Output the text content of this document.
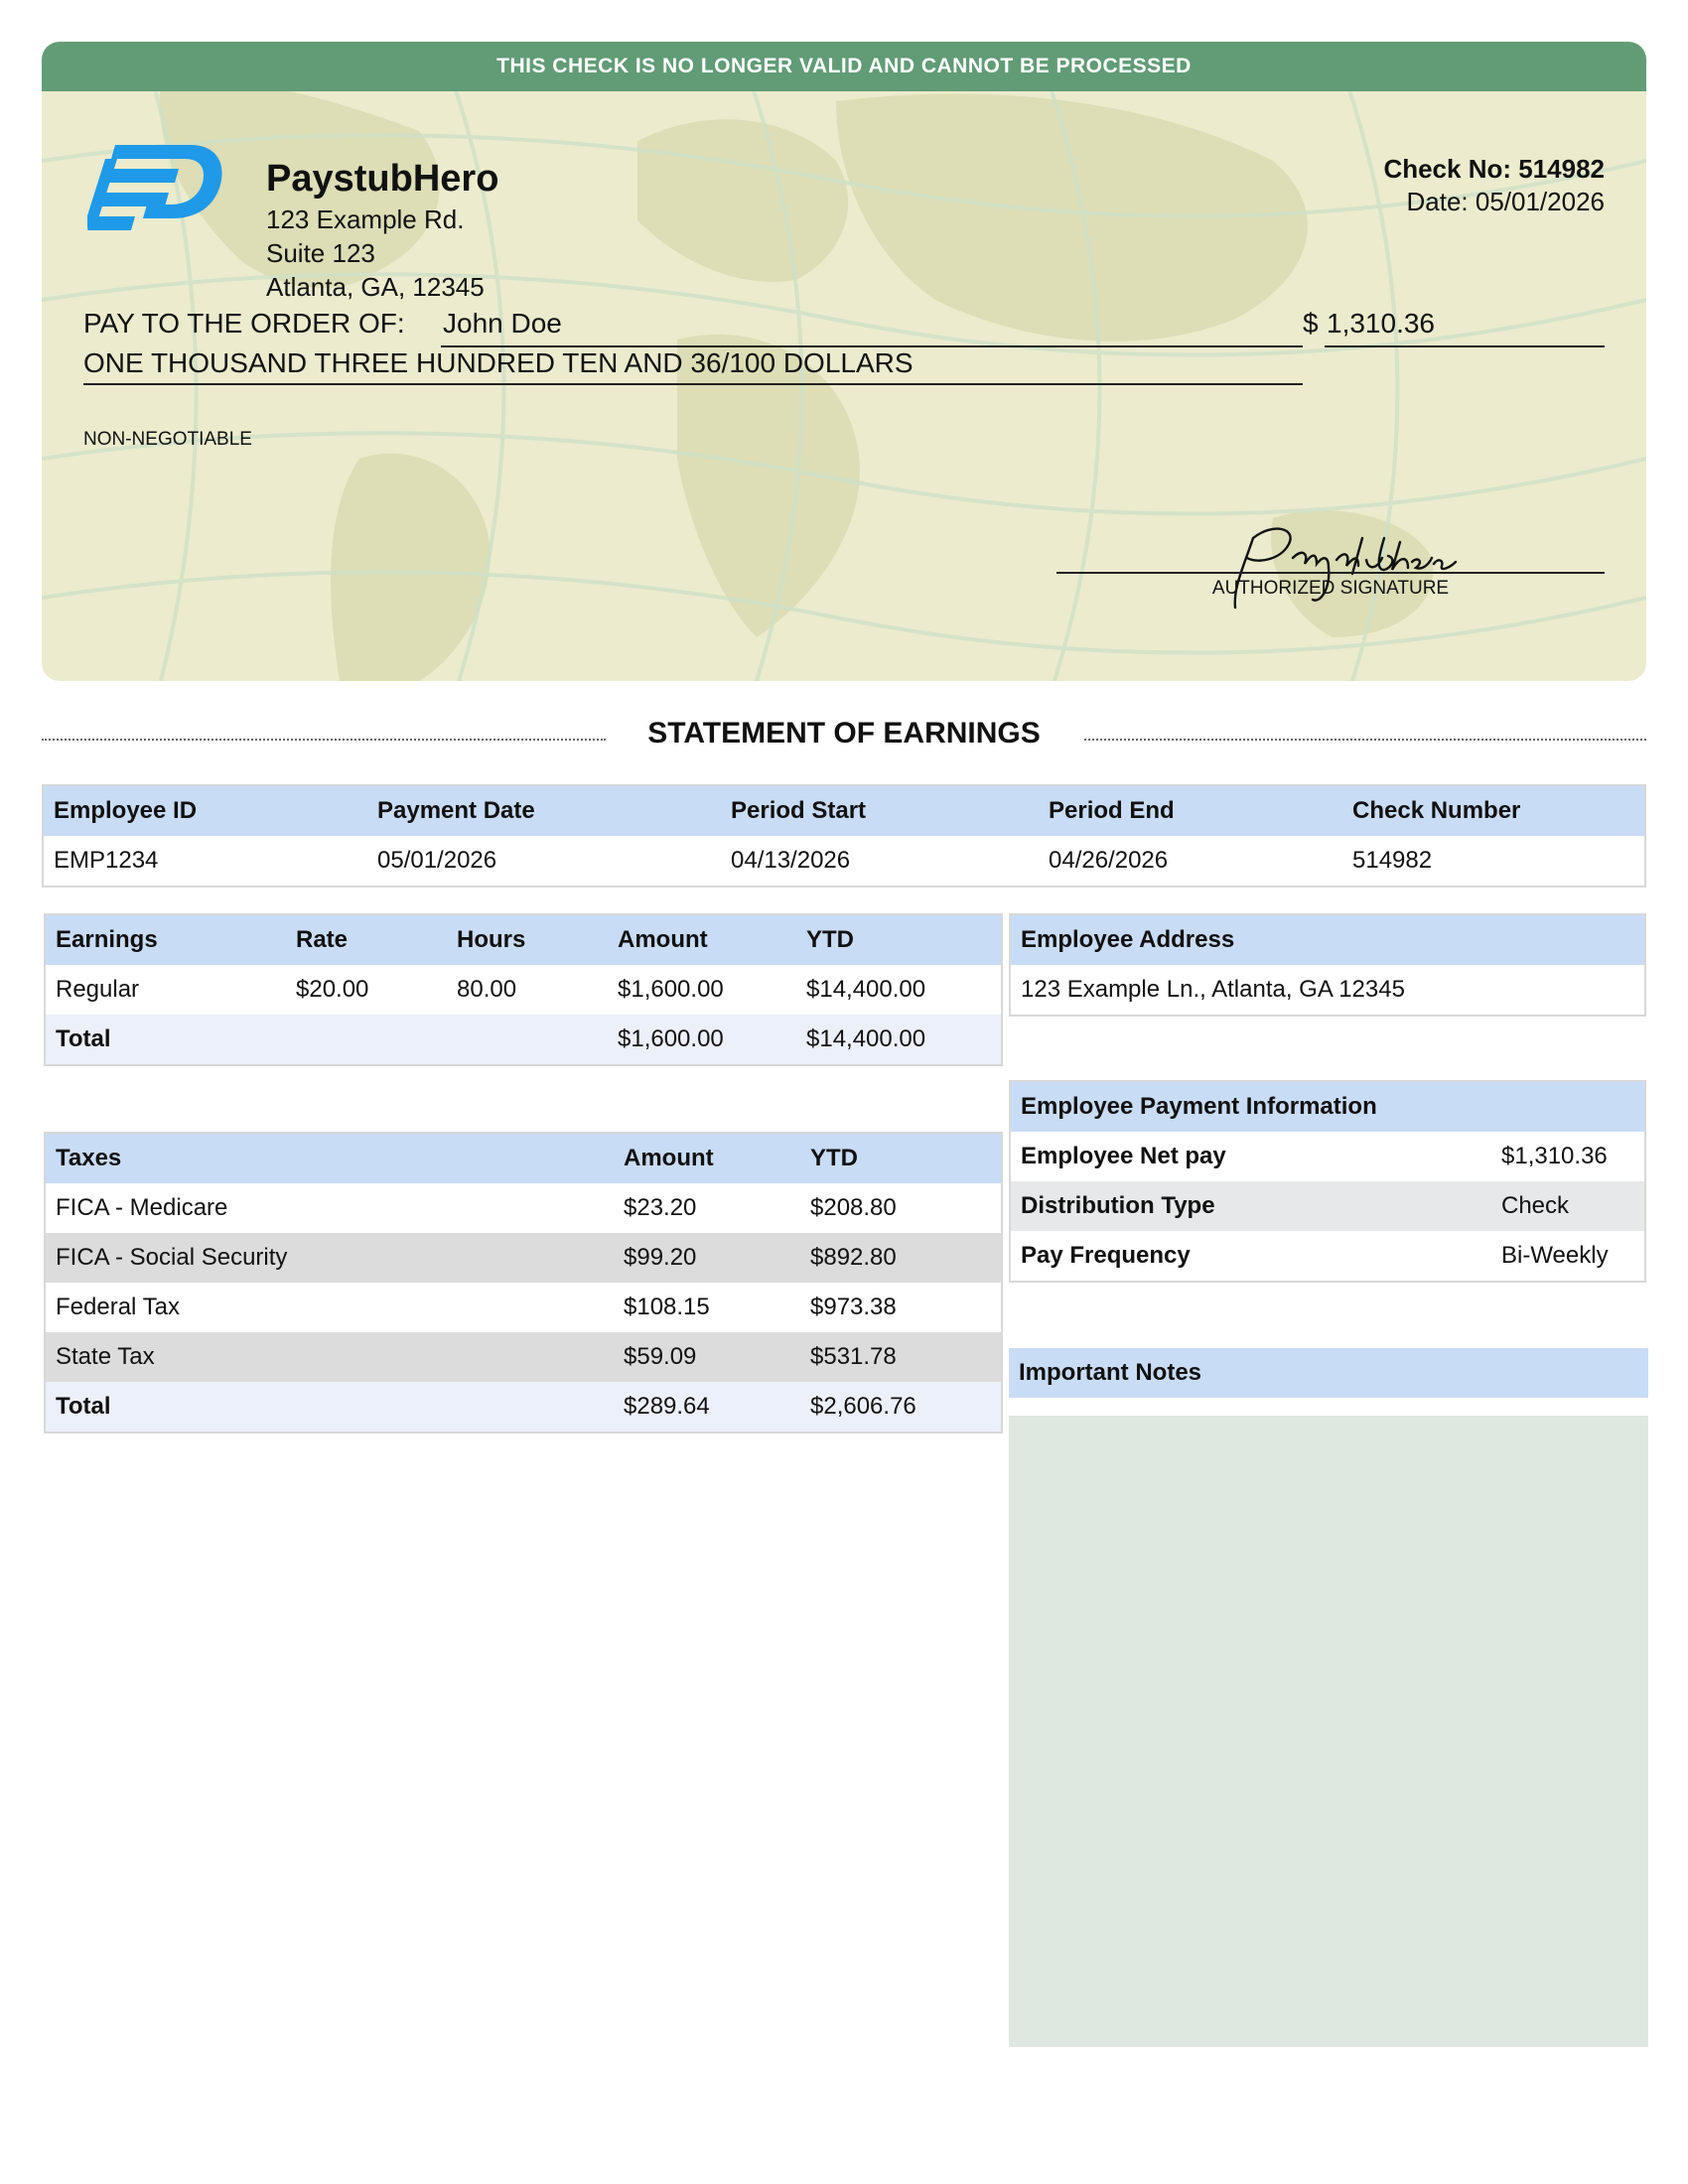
THIS CHECK IS NO LONGER VALID AND CANNOT BE PROCESSED
PaystubHero
123 Example Rd.
Suite 123
Atlanta, GA, 12345
Check No: 514982
Date: 05/01/2026
PAY TO THE ORDER OF: John Doe	$ 1,310.36
ONE THOUSAND THREE HUNDRED TEN AND 36/100 DOLLARS
NON-NEGOTIABLE
AUTHORIZED SIGNATURE
STATEMENT OF EARNINGS
Employee ID	Payment Date	Period Start	Period End	Check Number
EMP1234	05/01/2026	04/13/2026	04/26/2026	514982
Earnings	Rate	Hours	Amount	YTD
Regular	$20.00	80.00	$1,600.00	$14,400.00
Total			$1,600.00	$14,400.00
Taxes	Amount	YTD
FICA - Medicare	$23.20	$208.80
FICA - Social Security	$99.20	$892.80
Federal Tax	$108.15	$973.38
State Tax	$59.09	$531.78
Total	$289.64	$2,606.76
Employee Address
123 Example Ln., Atlanta, GA 12345
Employee Payment Information	
Employee Net pay	$1,310.36
Distribution Type	Check
Pay Frequency	Bi-Weekly
Important Notes
